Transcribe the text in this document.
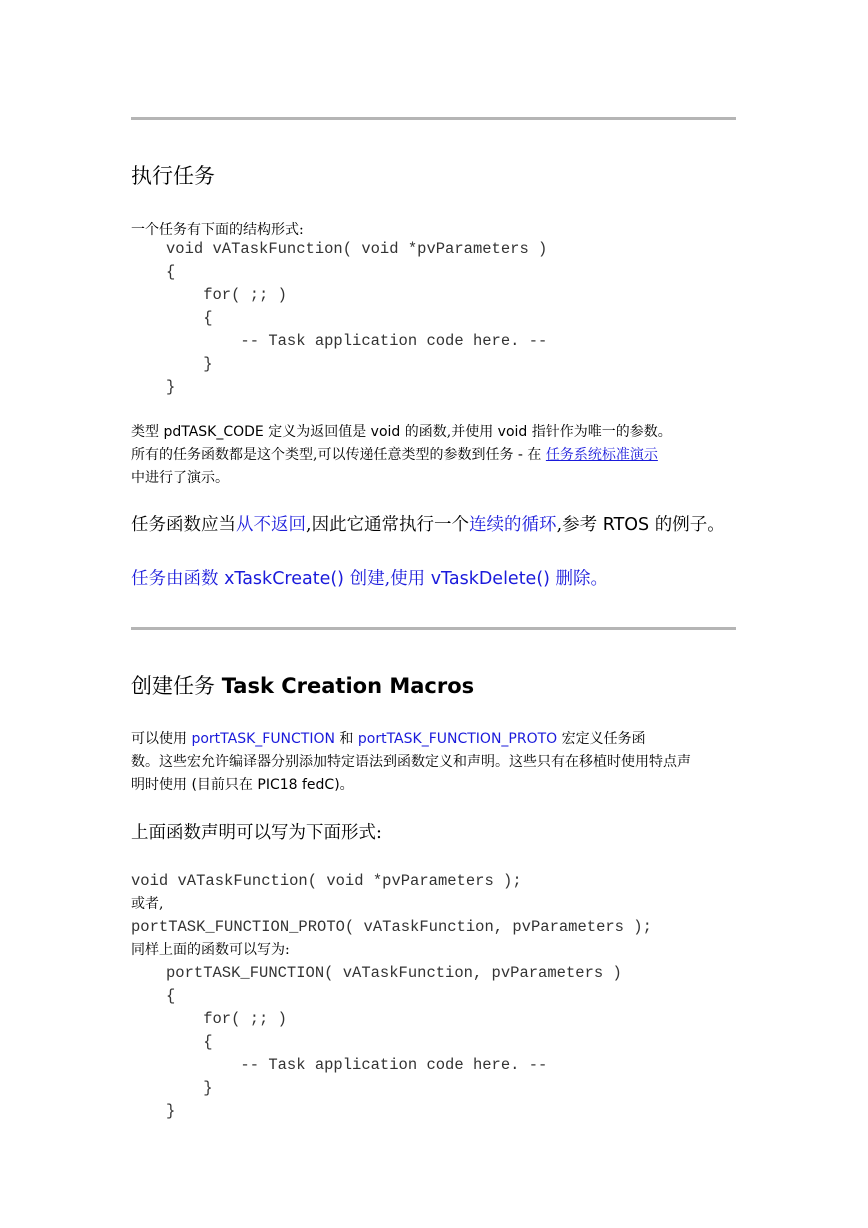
执行任务
一个任务有下面的结构形式:
void vATaskFunction( void *pvParameters )
{
for( ;; )
{
-- Task application code here. --
}
}
类型 pdTASK_CODE 定义为返回值是 void 的函数,并使用 void 指针作为唯一的参数。
所有的任务函数都是这个类型,可以传递任意类型的参数到任务 - 在 任务系统标准演示
中进行了演示。
任务函数应当从不返回,因此它通常执行一个连续的循环,参考 RTOS 的例子。
任务由函数 xTaskCreate() 创建,使用 vTaskDelete() 删除。
创建任务 Task Creation Macros
可以使用 portTASK_FUNCTION 和 portTASK_FUNCTION_PROTO 宏定义任务函
数。这些宏允许编译器分别添加特定语法到函数定义和声明。这些只有在移植时使用特点声
明时使用 (目前只在 PIC18 fedC)。
上面函数声明可以写为下面形式:
void vATaskFunction( void *pvParameters );
或者,
portTASK_FUNCTION_PROTO( vATaskFunction, pvParameters );
同样上面的函数可以写为:
portTASK_FUNCTION( vATaskFunction, pvParameters )
{
for( ;; )
{
-- Task application code here. --
}
}
